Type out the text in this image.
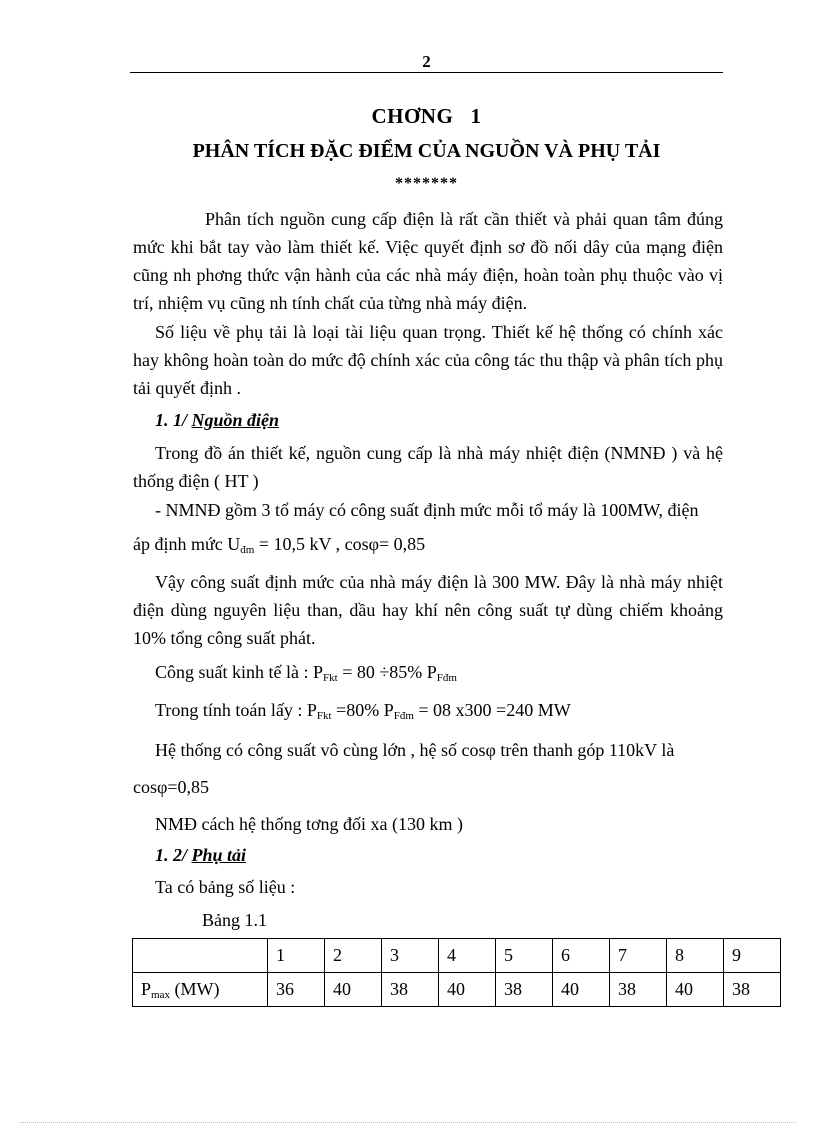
2
CHƠNG   1
PHÂN TÍCH ĐẶC ĐIỂM CỦA NGUỒN VÀ PHỤ TẢI
*******

Phân tích nguồn cung cấp điện là rất cần thiết và phải quan tâm đúng mức khi bắt tay vào làm thiết kế. Việc quyết định sơ đồ nối dây của mạng điện cũng nh phơng thức vận hành của các nhà máy điện, hoàn toàn phụ thuộc vào vị trí, nhiệm vụ cũng nh tính chất của từng nhà máy điện.

Số liệu về phụ tải là loại tài liệu quan trọng. Thiết kế hệ thống có chính xác hay không hoàn toàn do mức độ chính xác của công tác thu thập và phân tích phụ tải quyết định .

1. 1/ Nguồn điện

Trong đồ án thiết kế, nguồn cung cấp là nhà máy nhiệt điện (NMNĐ ) và hệ thống điện ( HT )

- NMNĐ gồm 3 tổ máy có công suất định mức mỗi tổ máy là 100MW, điện

áp định mức $U_{đm} = 10,5$ kV , cosφ= 0,85

Vậy công suất định mức của nhà máy điện là 300 MW. Đây là nhà máy nhiệt điện dùng nguyên liệu than, dầu hay khí nên công suất tự dùng chiếm khoảng 10% tổng công suất phát.

Công suất kinh tế là : $P_{Fkt} = 80 \div 85\%$ $P_{Fđm}$

Trong tính toán lấy : $P_{Fkt} =80\%$ $P_{Fđm} = 08$ x300 =240 MW

Hệ thống có công suất vô cùng lớn , hệ số cosφ trên thanh góp 110kV là

cosφ=0,85

NMĐ cách hệ thống tơng đối xa (130 km )

1. 2/ Phụ tải

Ta có bảng số liệu :

Bảng 1.1

	1	2	3	4	5	6	7	8	9
$P_{max}$ (MW)	36	40	38	40	38	40	38	40	38
